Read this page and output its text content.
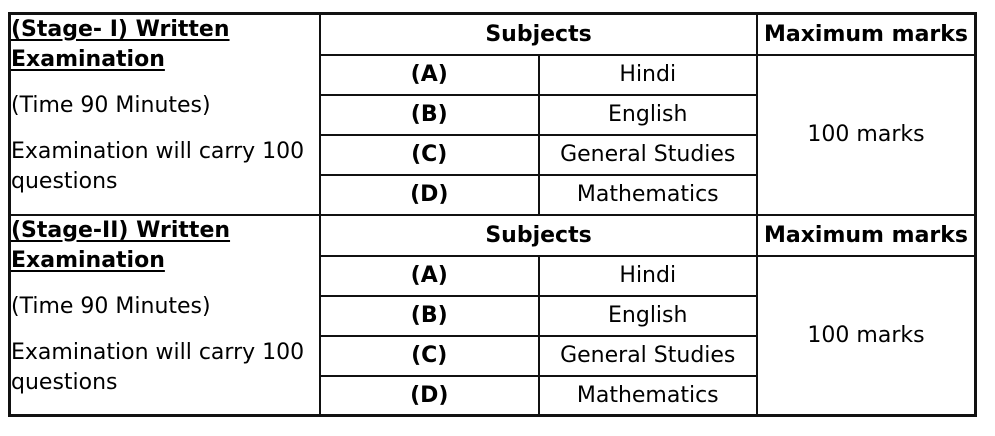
(Stage- I) Written Examination
(Time 90 Minutes)
Examination will carry 100 questions	Subjects		Maximum marks
	(A)	Hindi	100 marks
	(B)	English	
	(C)	General Studies	
	(D)	Mathematics	

(Stage-II) Written Examination
(Time 90 Minutes)
Examination will carry 100 questions	Subjects		Maximum marks
	(A)	Hindi	100 marks
	(B)	English	
	(C)	General Studies	
	(D)	Mathematics	
